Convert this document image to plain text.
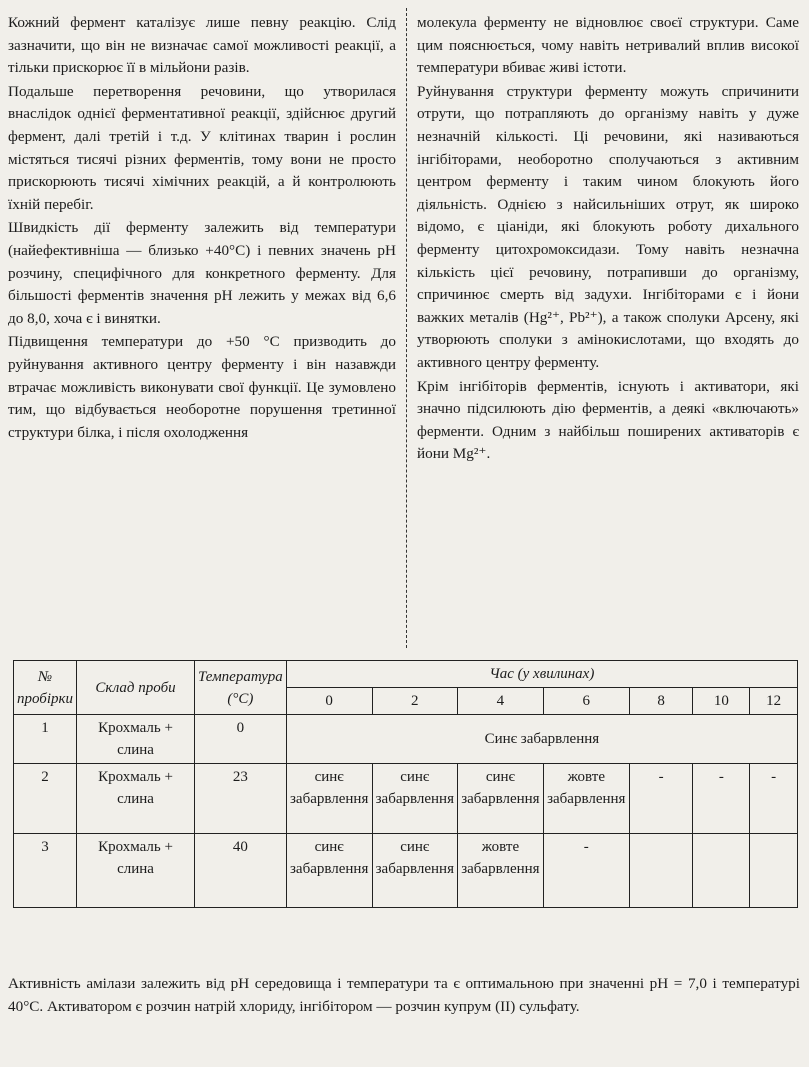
Кожний фермент каталізує лише певну реакцію. Слід зазначити, що він не визначає самої можливості реакції, а тільки прискорює її в мільйони разів.

Подальше перетворення речовини, що утворилася внаслідок однієї ферментативної реакції, здійснює другий фермент, далі третій і т.д. У клітинах тварин і рослин містяться тисячі різних ферментів, тому вони не просто прискорюють тисячі хімічних реакцій, а й контролюють їхній перебіг.

Швидкість дії ферменту залежить від температури (найефективніша — близько +40°С) і певних значень рН розчину, специфічного для конкретного ферменту. Для більшості ферментів значення рН лежить у межах від 6,6 до 8,0, хоча є і винятки.

Підвищення температури до +50 °С призводить до руйнування активного центру ферменту і він назавжди втрачає можливість виконувати свої функції. Це зумовлено тим, що відбувається необоротне порушення третинної структури білка, і після охолодження

молекула ферменту не відновлює своєї структури. Саме цим пояснюється, чому навіть нетривалий вплив високої температури вбиває живі істоти.

Руйнування структури ферменту можуть спричинити отрути, що потрапляють до організму навіть у дуже незначній кількості. Ці речовини, які називаються інгібіторами, необоротно сполучаються з активним центром ферменту і таким чином блокують його діяльність. Однією з найсильніших отрут, як широко відомо, є ціаніди, які блокують роботу дихального ферменту цитохромоксидази. Тому навіть незначна кількість цієї речовину, потрапивши до організму, спричинює смерть від задухи. Інгібіторами є і йони важких металів (Hg²⁺, Pb²⁺), а також сполуки Арсену, які утворюють сполуки з амінокислотами, що входять до активного центру ферменту.

Крім інгібіторів ферментів, існують і активатори, які значно підсилюють дію ферментів, а деякі «включають» ферменти. Одним з найбільш поширених активаторів є йони Mg²⁺.

№ пробірки	Склад проби	Температура (°С)	Час (у хвилинах)						
			0	2	4	6	8	10	12
1	Крохмаль + слина	0	Синє забарвлення						
2	Крохмаль + слина	23	синє забарвлення	синє забарвлення	синє забарвлення	жовте забарвлення	-	-	-
3	Крохмаль + слина	40	синє забарвлення	синє забарвлення	жовте забарвлення	-			

Активність амілази залежить від рН середовища і температури та є оптимальною при значенні рН = 7,0 і температурі 40°С. Активатором є розчин натрій хлориду, інгібітором — розчин купрум (ІІ) сульфату.
